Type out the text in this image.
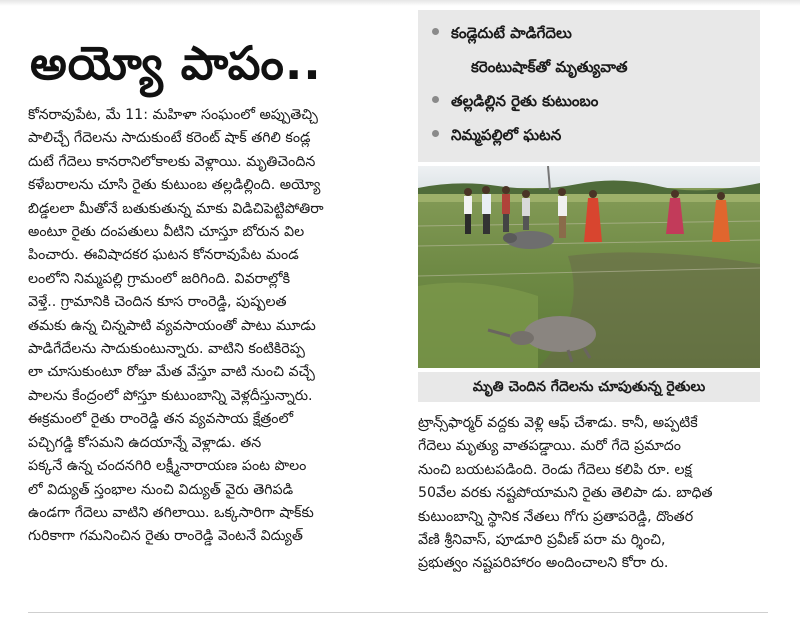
అయ్యో పాపం..
కండ్లెదుటే పాడిగేదెలు
కరెంటుషాక్‌తో మృత్యువాత
తల్లడిల్లిన రైతు కుటుంబం
నిమ్మపల్లిలో ఘటన
కోనరావుపేట, మే 11: మహిళా సంఘంలో అప్పుతెచ్చి
పాలిచ్చే గేదెలను సాదుకుంటే కరెంట్‌ షాక్‌ తగిలి కండ్ల
దుటే గేదెలు కానరానిలోకాలకు వెళ్లాయి. మృతిచెందిన
కళేబరాలను చూసి రైతు కుటుంబ తల్లడిల్లింది. అయ్యో
బిడ్డలలా మీతోనే బతుకుతున్న మాకు విడిచిపెట్టిపోతిరా
అంటూ రైతు దంపతులు వీటిని చూస్తూ బోరున విల
పించారు. ఈవిషాదకర ఘటన కోనరావుపేట మండ
లంలోని నిమ్మపల్లి గ్రామంలో జరిగింది. వివరాల్లోకి
వెళ్తే.. గ్రామానికి చెందిన కూస రాంరెడ్డి, పుష్పలత
తమకు ఉన్న చిన్నపాటి వ్యవసాయంతో పాటు మూడు
పాడిగేదేలను సాదుకుంటున్నారు. వాటిని కంటికిరెప్ప
లా చూసుకుంటూ రోజు మేత వేస్తూ వాటి నుంచి వచ్చే
పాలను కేంద్రంలో పోస్తూ కుటుంబాన్ని వెళ్లదీస్తున్నారు.
ఈక్రమంలో రైతు రాంరెడ్డి తన వ్యవసాయ క్షేత్రంలో
పచ్చిగడ్డి కోసమని ఉదయాన్నే వెళ్లాడు. తన
పక్కనే ఉన్న చందనగిరి లక్ష్మీనారాయణ పంట పొలం
లో విద్యుత్‌ స్తంభాల నుంచి విద్యుత్‌ వైరు తెగిపడి
ఉండగా గేదెలు వాటిని తగిలాయి. ఒక్కసారిగా షాక్‌కు
గురికాగా గమనించిన రైతు రాంరెడ్డి వెంటనే విద్యుత్‌
మృతి చెందిన గేదెలను చూపుతున్న రైతులు
ట్రాన్స్‌ఫార్మర్‌ వద్దకు వెళ్లి ఆఫ్‌ చేశాడు. కానీ, అప్పటికే
గేదెలు మృత్యు వాతపడ్డాయి. మరో గేదె ప్రమాదం
నుంచి బయటపడింది. రెండు గేదెలు కలిపి రూ. లక్ష
50వేల వరకు నష్టపోయామని రైతు తెలిపా డు. బాధిత
కుటుంబాన్ని స్థానిక నేతలు గోగు ప్రతాపరెడ్డి, దొంతర
వేణి శ్రీనివాస్‌, పూడూరి ప్రవీణ్‌ పరా మ ర్శించి,
ప్రభుత్వం నష్టపరిహారం అందించాలని కోరా రు.
